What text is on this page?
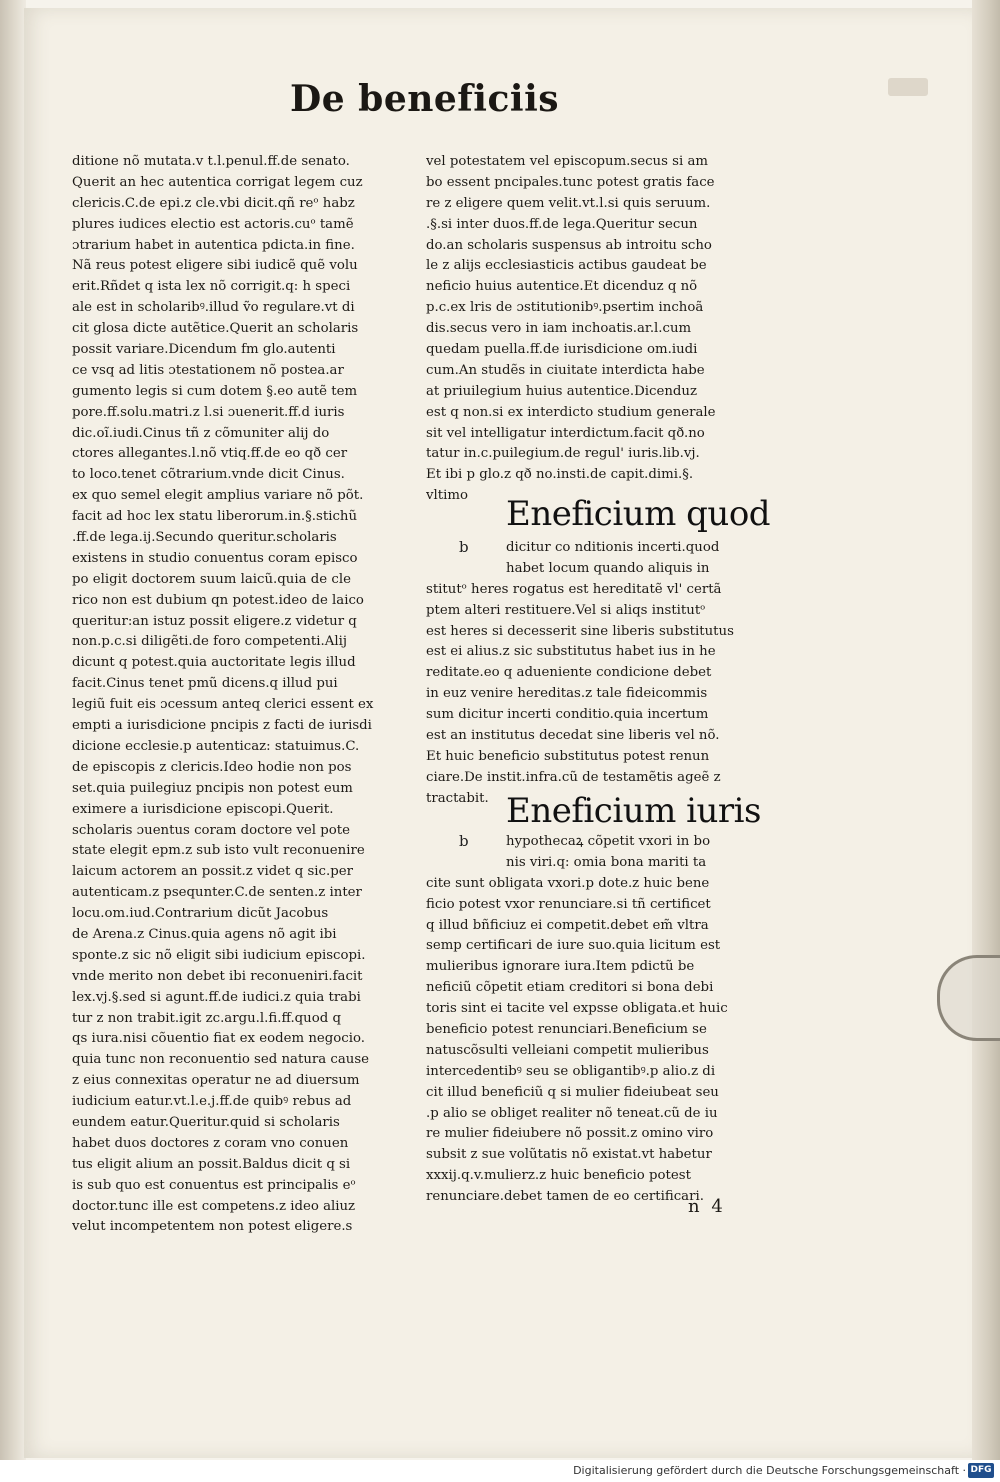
De beneficiis
ditione nõ mutata.v t.l.penul.ff.de senato.
Querit an hec autentica corrigat legem cuz
clericis.C.de epi.z cle.vbi dicit.qñ reᵒ habz
plures iudices electio est actoris.cuᵒ tamẽ
ɔtrarium habet in autentica pdicta.in fine.
Nã reus potest eligere sibi iudicẽ quẽ volu
erit.Rñdet q ista lex nõ corrigit.q: h speci
ale est in scholaribꝰ.illud ṽo regulare.vt di
cit glosa dicte autẽtice.Querit an scholaris
possit variare.Dicendum fm glo.autenti
ce vsq ad litis ɔtestationem nõ postea.ar
gumento legis si cum dotem §.eo autẽ tem
pore.ff.solu.matri.z l.si ɔuenerit.ff.d iuris
dic.oĩ.iudi.Cinus tñ z cõmuniter alij do
ctores allegantes.l.nõ vtiq.ff.de eo qð cer
to loco.tenet cõtrarium.vnde dicit Cinus.
ex quo semel elegit amplius variare nõ põt.
facit ad hoc lex statu liberorum.in.§.stichũ
.ff.de lega.ij.Secundo queritur.scholaris
existens in studio conuentus coram episco
po eligit doctorem suum laicũ.quia de cle
rico non est dubium qn potest.ideo de laico
queritur:an istuz possit eligere.z videtur q
non.p.c.si diligẽti.de foro competenti.Alij
dicunt q potest.quia auctoritate legis illud
facit.Cinus tenet pmũ dicens.q illud pui
legiũ fuit eis ɔcessum anteq clerici essent ex
empti a iurisdicione pncipis z facti de iurisdi
dicione ecclesie.p autenticaz: statuimus.C.
de episcopis z clericis.Ideo hodie non pos
set.quia puilegiuz pncipis non potest eum
eximere a iurisdicione episcopi.Querit.
scholaris ɔuentus coram doctore vel pote
state elegit epm.z sub isto vult reconuenire
laicum actorem an possit.z videt q sic.per
autenticam.z psequnter.C.de senten.z inter
locu.om.iud.Contrarium dicũt Jacobus
de Arena.z Cinus.quia agens nõ agit ibi
sponte.z sic nõ eligit sibi iudicium episcopi.
vnde merito non debet ibi reconueniri.facit
lex.vj.§.sed si agunt.ff.de iudici.z quia trabi
tur z non trabit.igit zc.argu.l.fi.ff.quod q
qs iura.nisi cõuentio fiat ex eodem negocio.
quia tunc non reconuentio sed natura cause
z eius connexitas operatur ne ad diuersum
iudicium eatur.vt.l.e.j.ff.de quibꝰ rebus ad
eundem eatur.Queritur.quid si scholaris
habet duos doctores z coram vno conuen
tus eligit alium an possit.Baldus dicit q si
is sub quo est conuentus est principalis eᵒ
doctor.tunc ille est competens.z ideo aliuz
velut incompetentem non potest eligere.s
vel potestatem vel episcopum.secus si am
bo essent pncipales.tunc potest gratis face
re z eligere quem velit.vt.l.si quis seruum.
.§.si inter duos.ff.de lega.Queritur secun
do.an scholaris suspensus ab introitu scho
le z alijs ecclesiasticis actibus gaudeat be
neficio huius autentice.Et dicenduz q nõ
p.c.ex lris de ɔstitutionibꝰ.psertim inchoã
dis.secus vero in iam inchoatis.ar.l.cum
quedam puella.ff.de iurisdicione om.iudi
cum.An studẽs in ciuitate interdicta habe
at priuilegium huius autentice.Dicenduz
est q non.si ex interdicto studium generale
sit vel intelligatur interdictum.facit qð.no
tatur in.c.puilegium.de regul' iuris.lib.vj.
Et ibi p glo.z qð no.insti.de capit.dimi.§.
vltimo	Eneficium quod
b	dicitur co nditionis incerti.quod
habet locum quando aliquis in
stitutᵒ heres rogatus est hereditatẽ vl' certã
ptem alteri restituere.Vel si aliqs institutᵒ
est heres si decesserit sine liberis substitutus
est ei alius.z sic substitutus habet ius in he
reditate.eo q adueniente condicione debet
in euz venire hereditas.z tale fideicommis
sum dicitur incerti conditio.quia incertum
est an institutus decedat sine liberis vel nõ.
Et huic beneficio substitutus potest renun
ciare.De instit.infra.cũ de testamẽtis ageẽ z
tractabit. Eneficium iuris
b	hypothecaꝝ cõpetit vxori in bo
nis viri.q: omia bona mariti ta
cite sunt obligata vxori.p dote.z huic bene
ficio potest vxor renunciare.si tñ certificet
q illud bñficiuz ei competit.debet em̃ vltra
semp certificari de iure suo.quia licitum est
mulieribus ignorare iura.Item pdictũ be
neficiũ cõpetit etiam creditori si bona debi
toris sint ei tacite vel expsse obligata.et huic
beneficio potest renunciari.Beneficium se
natuscõsulti velleiani competit mulieribus
intercedentibꝰ seu se obligantibꝰ.p alio.z di
cit illud beneficiũ q si mulier fideiubeat seu
.p alio se obliget realiter nõ teneat.cũ de iu
re mulier fideiubere nõ possit.z omino viro
subsit z sue volũtatis nõ existat.vt habetur
xxxij.q.v.mulierz.z huic beneficio potest
renunciare.debet tamen de eo certificari.
n 4
Digitalisierung gefördert durch die Deutsche Forschungsgemeinschaft · DFG
